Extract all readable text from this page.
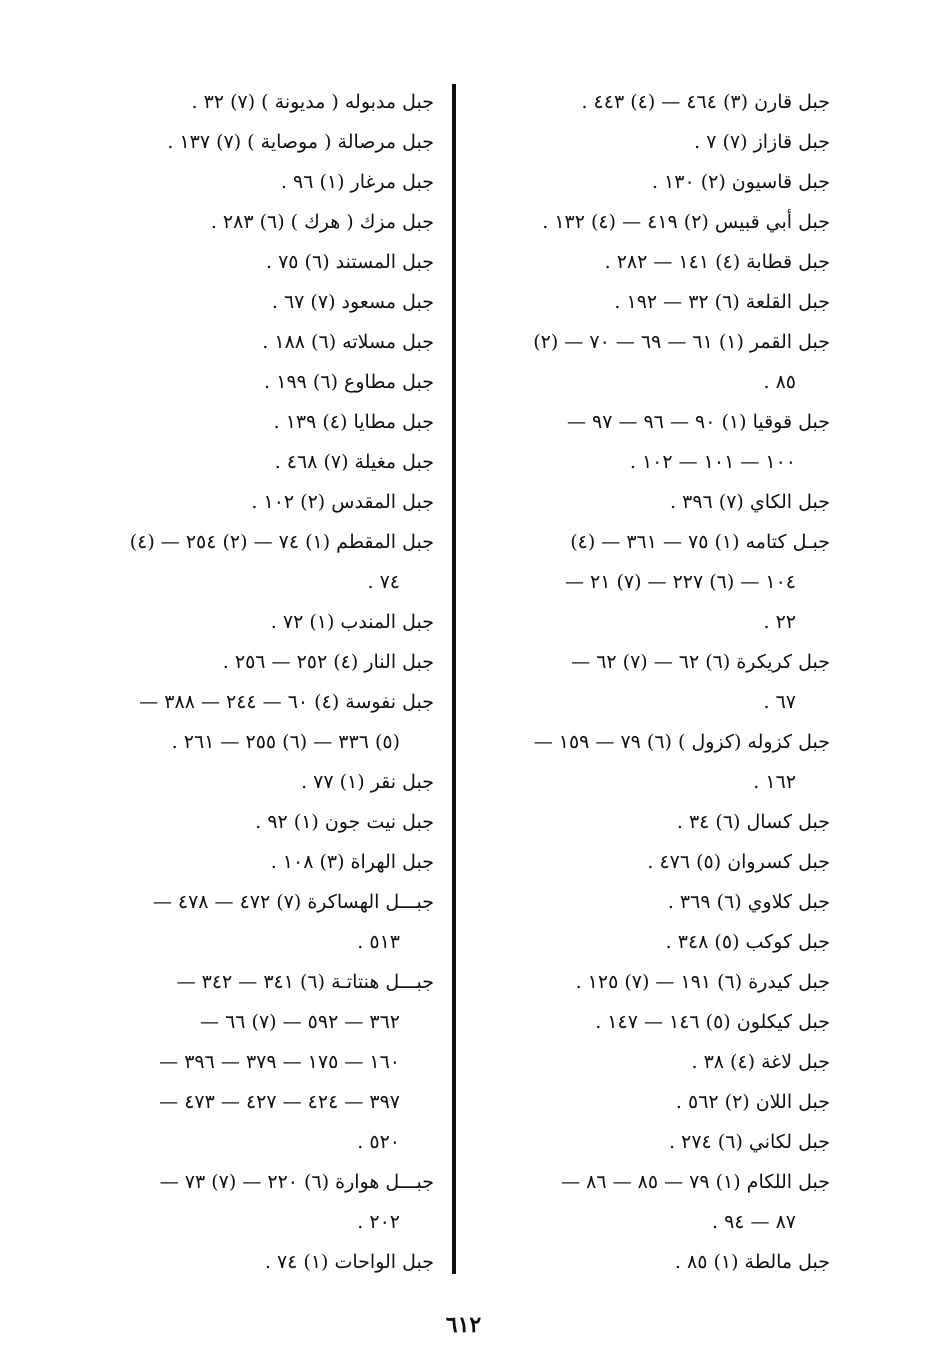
جبل قارن (٣) ٤٦٤ — (٤) ٤٤٣ .
جبل قازاز (٧) ٧ .
جبل قاسيون (٢) ١٣٠ .
جبل أبي قبيس (٢) ٤١٩ — (٤) ١٣٢ .
جبل قطابة (٤) ١٤١ — ٢٨٢ .
جبل القلعة (٦) ٣٢ — ١٩٢ .
جبل القمر (١) ٦١ — ٦٩ — ٧٠ — (٢)
٨٥ .
جبل قوقيا (١) ٩٠ — ٩٦ — ٩٧ —
١٠٠ — ١٠١ — ١٠٢ .
جبل الكاي (٧) ٣٩٦ .
جبـل كتامه (١) ٧٥ — ٣٦١ — (٤)
١٠٤ — (٦) ٢٢٧ — (٧) ٢١ —
٢٢ .
جبل كريكرة (٦) ٦٢ — (٧) ٦٢ —
٦٧ .
جبل كزوله (كزول ) (٦) ٧٩ — ١٥٩ —
١٦٢ .
جبل كسال (٦) ٣٤ .
جبل كسروان (٥) ٤٧٦ .
جبل كلاوي (٦) ٣٦٩ .
جبل كوكب (٥) ٣٤٨ .
جبل كيدرة (٦) ١٩١ — (٧) ١٢٥ .
جبل كيكلون (٥) ١٤٦ — ١٤٧ .
جبل لاغة (٤) ٣٨ .
جبل اللان (٢) ٥٦٢ .
جبل لكاني (٦) ٢٧٤ .
جبل اللكام (١) ٧٩ — ٨٥ — ٨٦ —
٨٧ — ٩٤ .
جبل مالطة (١) ٨٥ .
جبل مدبوله ( مديونة ) (٧) ٣٢ .
جبل مرصالة ( موصاية ) (٧) ١٣٧ .
جبل مرغار (١) ٩٦ .
جبل مزك ( هرك ) (٦) ٢٨٣ .
جبل المستند (٦) ٧٥ .
جبل مسعود (٧) ٦٧ .
جبل مسلاته (٦) ١٨٨ .
جبل مطاوع (٦) ١٩٩ .
جبل مطايا (٤) ١٣٩ .
جبل مغيلة (٧) ٤٦٨ .
جبل المقدس (٢) ١٠٢ .
جبل المقطم (١) ٧٤ — (٢) ٢٥٤ — (٤)
٧٤ .
جبل المندب (١) ٧٢ .
جبل النار (٤) ٢٥٢ — ٢٥٦ .
جبل نفوسة (٤) ٦٠ — ٢٤٤ — ٣٨٨ —
(٥) ٣٣٦ — (٦) ٢٥٥ — ٢٦١ .
جبل نقر (١) ٧٧ .
جبل نيت جون (١) ٩٢ .
جبل الهراة (٣) ١٠٨ .
جبـــل الهساكرة (٧) ٤٧٢ — ٤٧٨ —
٥١٣ .
جبـــل هنتاتـة (٦) ٣٤١ — ٣٤٢ —
٣٦٢ — ٥٩٢ — (٧) ٦٦ —
١٦٠ — ١٧٥ — ٣٧٩ — ٣٩٦ —
٣٩٧ — ٤٢٤ — ٤٢٧ — ٤٧٣ —
٥٢٠ .
جبـــل هوارة (٦) ٢٢٠ — (٧) ٧٣ —
٢٠٢ .
جبل الواحات (١) ٧٤ .
٦١٢
